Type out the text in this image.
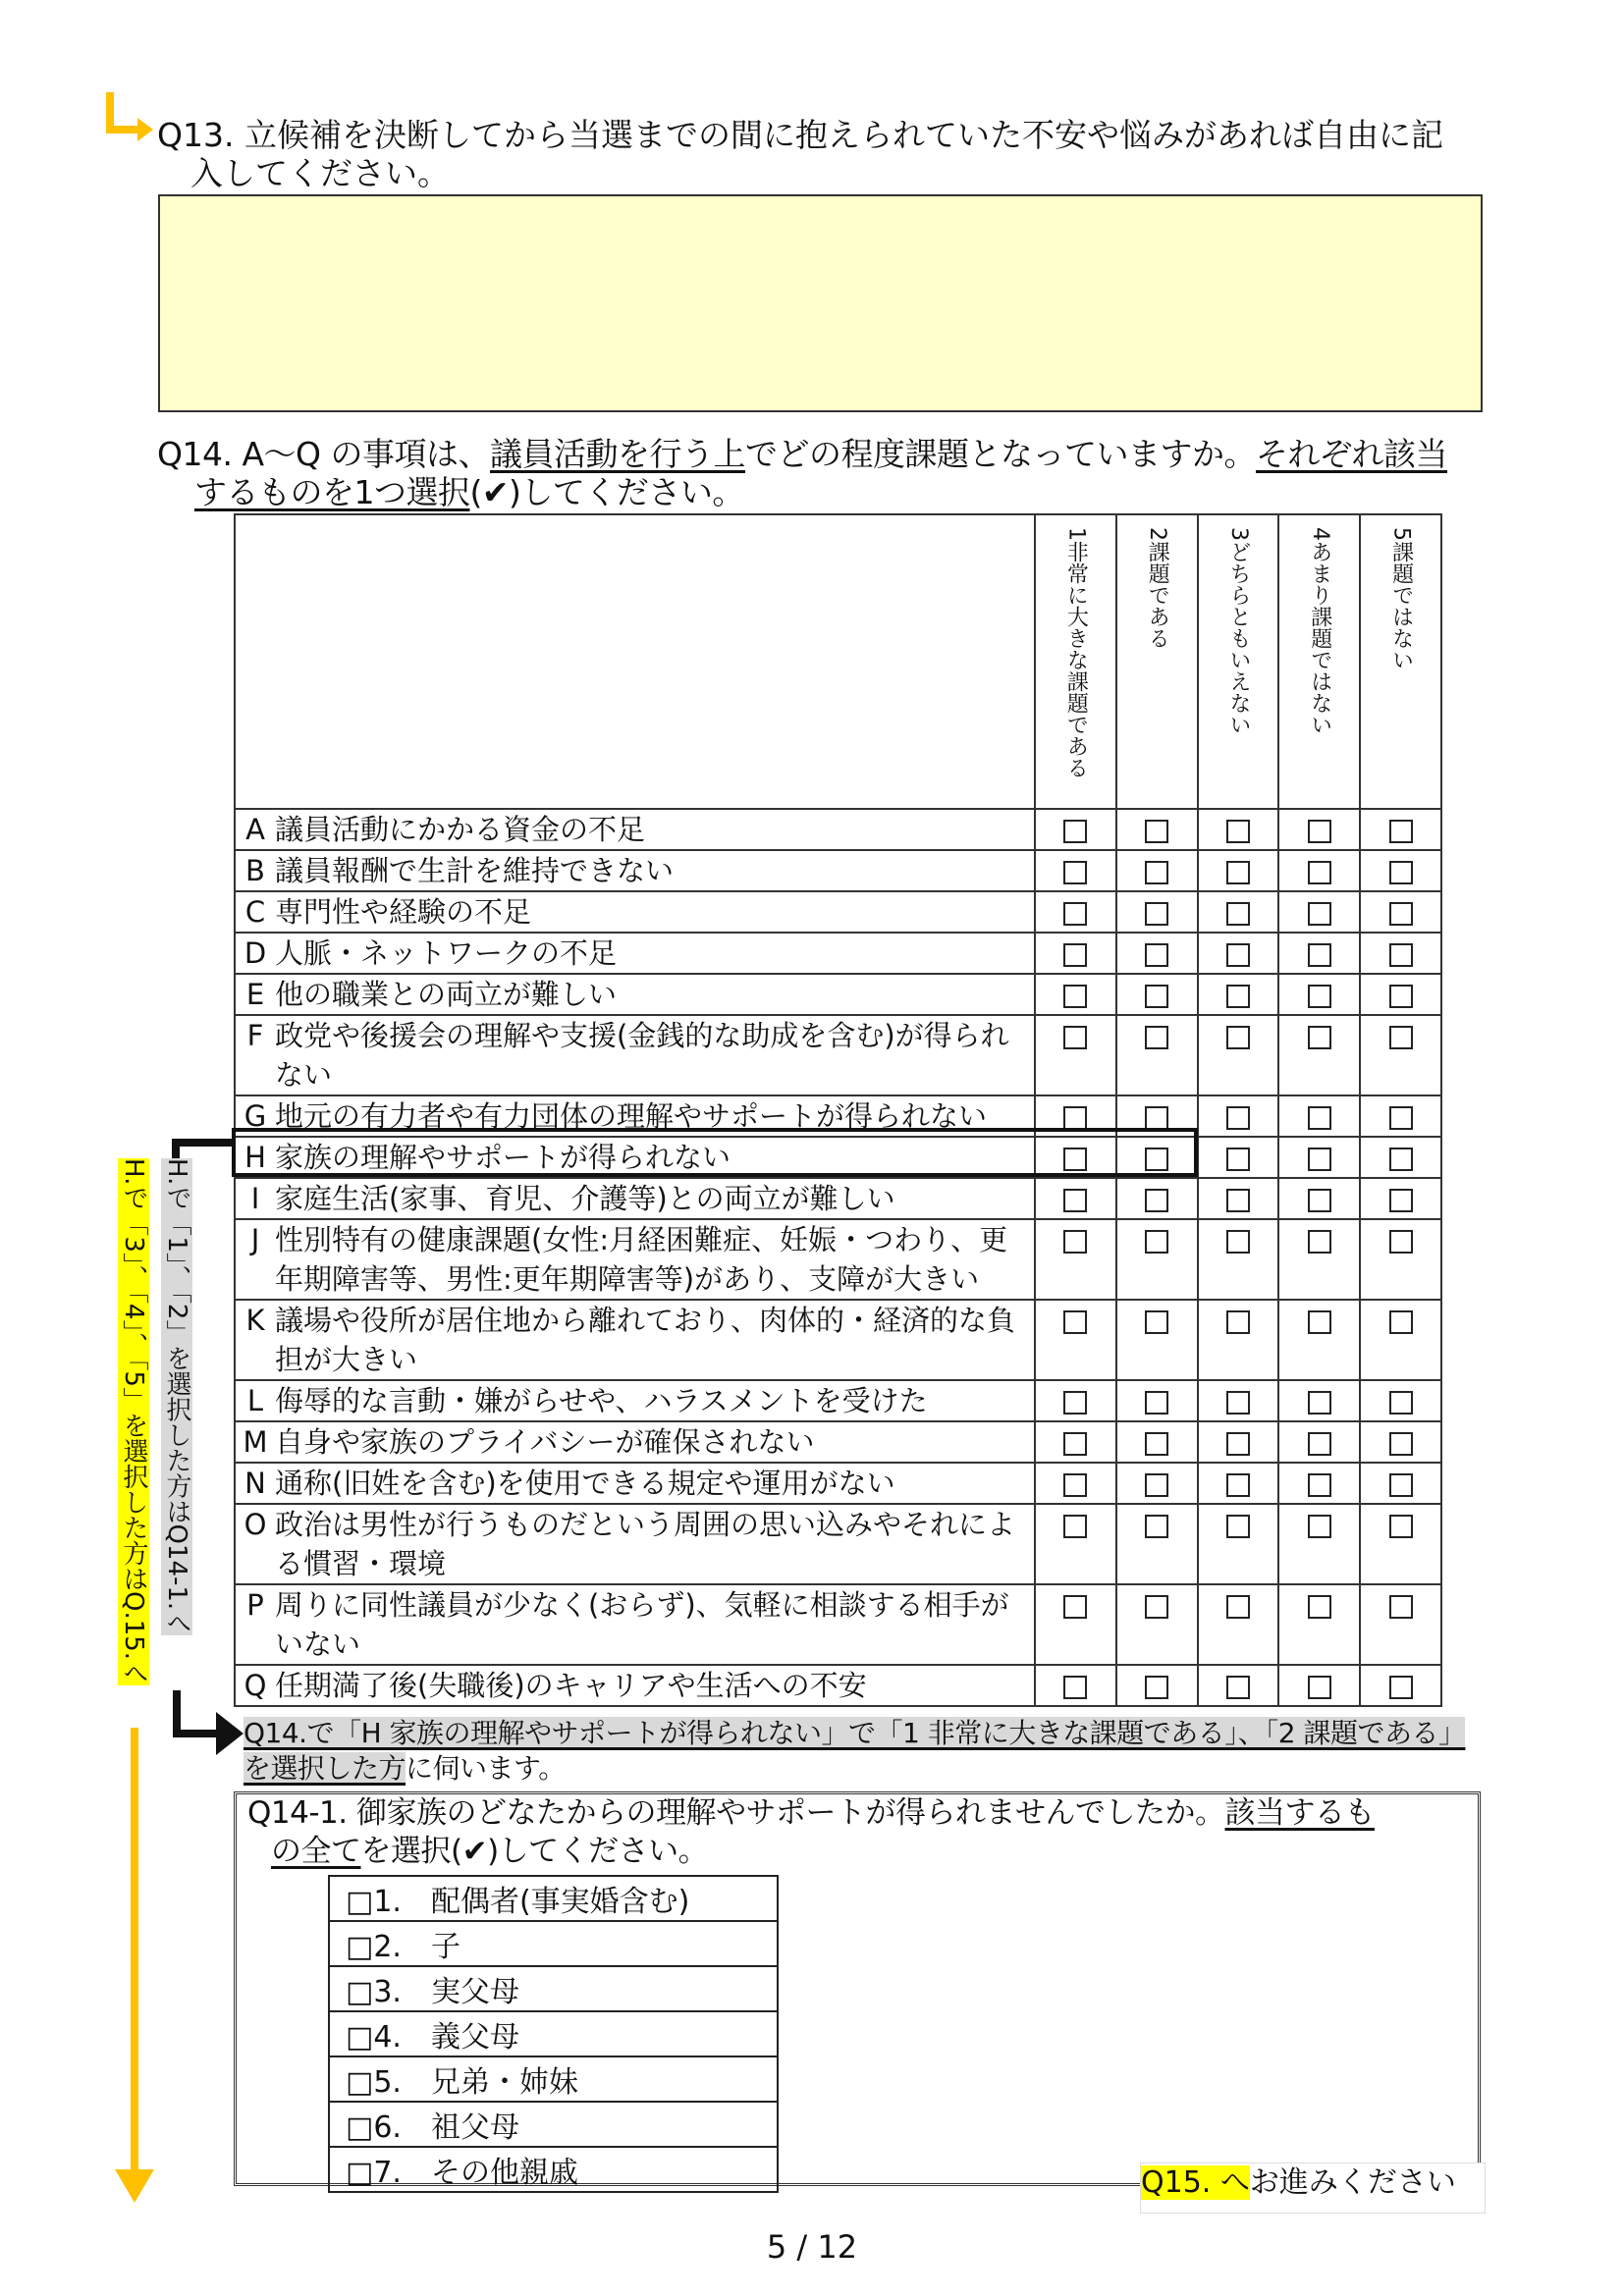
Q13. 立候補を決断してから当選までの間に抱えられていた不安や悩みがあれば自由に記
入してください。
Q14. A～Q の事項は、議員活動を行う上でどの程度課題となっていますか。それぞれ該当
するものを1つ選択(✔)してください。

	1非常に大きな課題である	2課題である	3どちらともいえない	4あまり課題ではない	5課題ではない

A 議員活動にかかる資金の不足					

B 議員報酬で生計を維持できない					

C 専門性や経験の不足					

D 人脈・ネットワークの不足					

E 他の職業との両立が難しい					

F 政党や後援会の理解や支援(金銭的な助成を含む)が得られない					

G 地元の有力者や有力団体の理解やサポートが得られない					

H 家族の理解やサポートが得られない					

I 家庭生活(家事、育児、介護等)との両立が難しい					

J 性別特有の健康課題(女性:月経困難症、妊娠・つわり、更年期障害等、男性:更年期障害等)があり、支障が大きい					

K 議場や役所が居住地から離れており、肉体的・経済的な負担が大きい					

L 侮辱的な言動・嫌がらせや、ハラスメントを受けた					

M 自身や家族のプライバシーが確保されない					

N 通称(旧姓を含む)を使用できる規定や運用がない					

O 政治は男性が行うものだという周囲の思い込みやそれによる慣習・環境					

P 周りに同性議員が少なく(おらず)、気軽に相談する相手がいない					

Q 任期満了後(失職後)のキャリアや生活への不安					

H.で「3」、「4」、「5」を選択した方はQ.15.へ H.で「1」、「2」を選択した方はQ14-1.へ
Q14.で「H 家族の理解やサポートが得られない」で「1 非常に大きな課題である」、「2 課題である」
を選択した方に伺います。
Q14-1. 御家族のどなたからの理解やサポートが得られませんでしたか。該当するも
の全てを選択(✔)してください。
□1.　配偶者(事実婚含む)
□2.　子
□3.　実父母
□4.　義父母
□5.　兄弟・姉妹
□6.　祖父母
□7.　その他親戚	Q15. へお進みください
5 / 12
